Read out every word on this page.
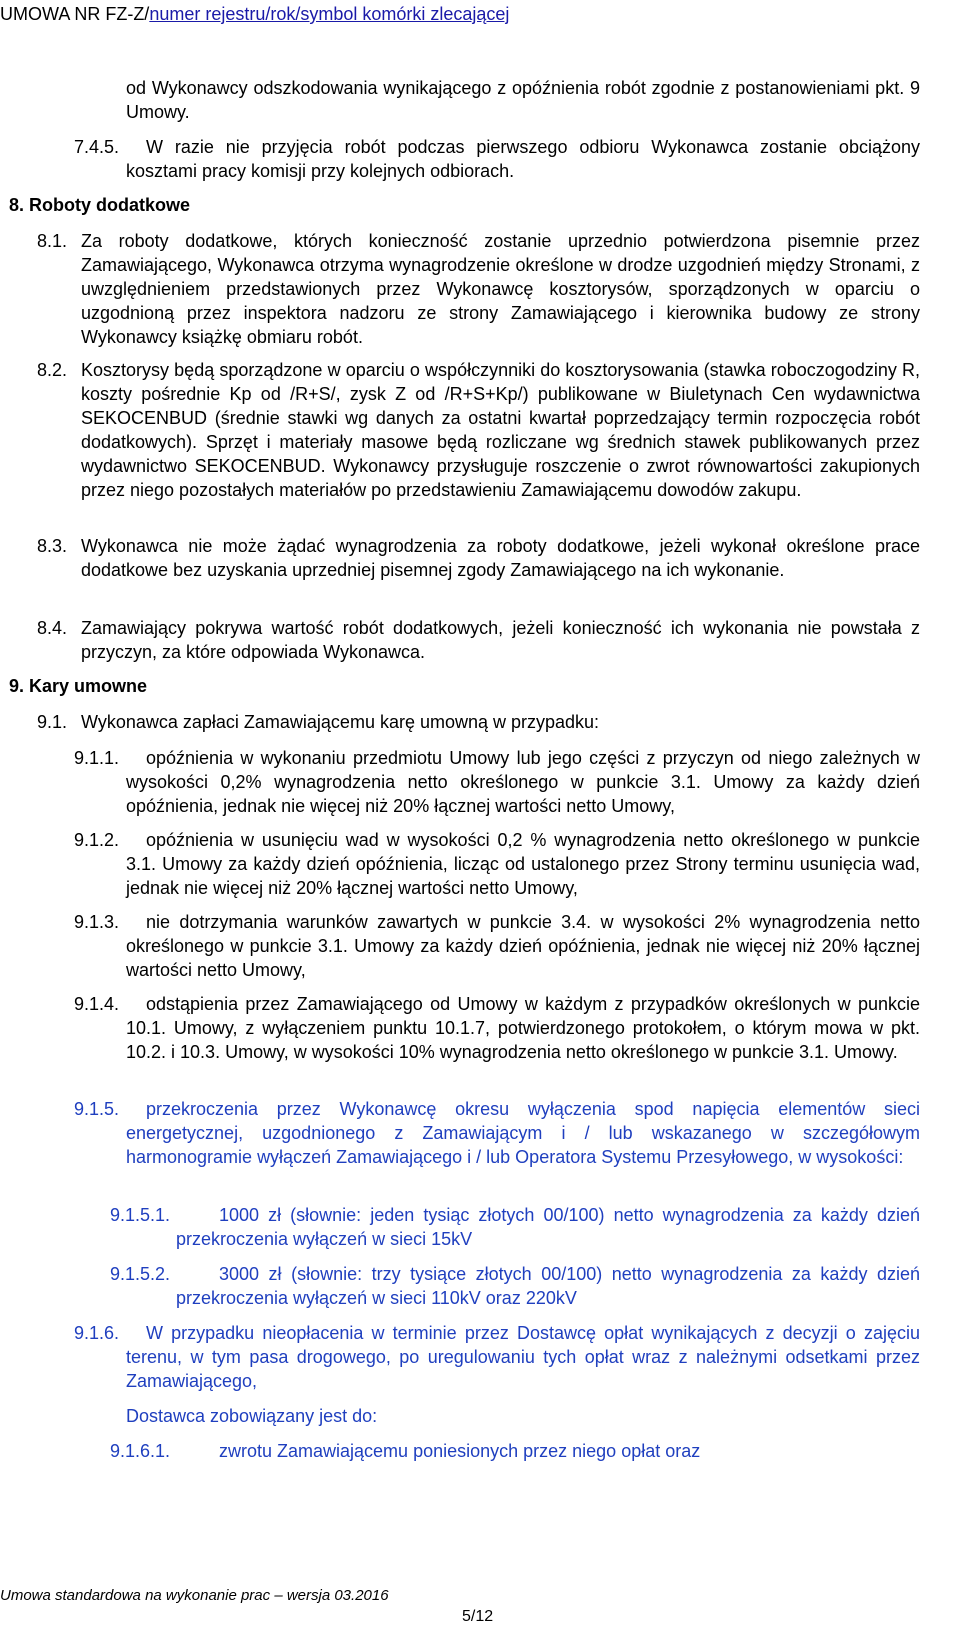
UMOWA NR FZ-Z/numer rejestru/rok/symbol komórki zlecającej
od Wykonawcy odszkodowania wynikającego z opóźnienia robót zgodnie z postanowieniami pkt. 9 Umowy.
7.4.5.	W razie nie przyjęcia robót podczas pierwszego odbioru Wykonawca zostanie obciążony kosztami pracy komisji przy kolejnych odbiorach.
8. Roboty dodatkowe
8.1. Za roboty dodatkowe, których konieczność zostanie uprzednio potwierdzona pisemnie przez Zamawiającego, Wykonawca otrzyma wynagrodzenie określone w drodze uzgodnień między Stronami, z uwzględnieniem przedstawionych przez Wykonawcę kosztorysów, sporządzonych w oparciu o uzgodnioną przez inspektora nadzoru ze strony Zamawiającego i kierownika budowy ze strony Wykonawcy książkę obmiaru robót.
8.2. Kosztorysy będą sporządzone w oparciu o współczynniki do kosztorysowania (stawka roboczogodziny R, koszty pośrednie Kp od /R+S/, zysk Z od /R+S+Kp/) publikowane w Biuletynach Cen wydawnictwa SEKOCENBUD (średnie stawki wg danych za ostatni kwartał poprzedzający termin rozpoczęcia robót dodatkowych). Sprzęt i materiały masowe będą rozliczane wg średnich stawek publikowanych przez wydawnictwo SEKOCENBUD. Wykonawcy przysługuje roszczenie o zwrot równowartości zakupionych przez niego pozostałych materiałów po przedstawieniu Zamawiającemu dowodów zakupu.
8.3. Wykonawca nie może żądać wynagrodzenia za roboty dodatkowe, jeżeli wykonał określone prace dodatkowe bez uzyskania uprzedniej pisemnej zgody Zamawiającego na ich wykonanie.
8.4. Zamawiający pokrywa wartość robót dodatkowych, jeżeli konieczność ich wykonania nie powstała z przyczyn, za które odpowiada Wykonawca.
9. Kary umowne
9.1. Wykonawca zapłaci Zamawiającemu karę umowną w przypadku:
9.1.1.	opóźnienia w wykonaniu przedmiotu Umowy lub jego części z przyczyn od niego zależnych w wysokości 0,2% wynagrodzenia netto określonego w punkcie 3.1. Umowy za każdy dzień opóźnienia, jednak nie więcej niż 20% łącznej wartości netto Umowy,
9.1.2.	opóźnienia w usunięciu wad w wysokości 0,2 % wynagrodzenia netto określonego w punkcie 3.1. Umowy za każdy dzień opóźnienia, licząc od ustalonego przez Strony terminu usunięcia wad, jednak nie więcej niż 20% łącznej wartości netto Umowy,
9.1.3.	nie dotrzymania warunków zawartych w punkcie 3.4. w wysokości 2% wynagrodzenia netto określonego w punkcie 3.1. Umowy za każdy dzień opóźnienia, jednak nie więcej niż 20% łącznej wartości netto Umowy,
9.1.4.	odstąpienia przez Zamawiającego od Umowy w każdym z przypadków określonych w punkcie 10.1. Umowy, z wyłączeniem punktu 10.1.7, potwierdzonego protokołem, o którym mowa w pkt. 10.2. i 10.3. Umowy, w wysokości 10% wynagrodzenia netto określonego w punkcie 3.1. Umowy.
9.1.5.	przekroczenia przez Wykonawcę okresu wyłączenia spod napięcia elementów sieci energetycznej, uzgodnionego z Zamawiającym i / lub wskazanego w szczegółowym harmonogramie wyłączeń Zamawiającego i / lub Operatora Systemu Przesyłowego, w wysokości:
9.1.5.1.	1000 zł (słownie: jeden tysiąc złotych 00/100) netto wynagrodzenia za każdy dzień przekroczenia wyłączeń w sieci 15kV
9.1.5.2.	3000 zł (słownie: trzy tysiące złotych 00/100) netto wynagrodzenia za każdy dzień przekroczenia wyłączeń w sieci 110kV oraz 220kV
9.1.6.	W przypadku nieopłacenia w terminie przez Dostawcę opłat wynikających z decyzji o zajęciu terenu, w tym pasa drogowego, po uregulowaniu tych opłat wraz z należnymi odsetkami przez Zamawiającego,
Dostawca zobowiązany jest do:
9.1.6.1.	zwrotu Zamawiającemu poniesionych przez niego opłat oraz
Umowa standardowa na wykonanie prac – wersja 03.2016
5/12
